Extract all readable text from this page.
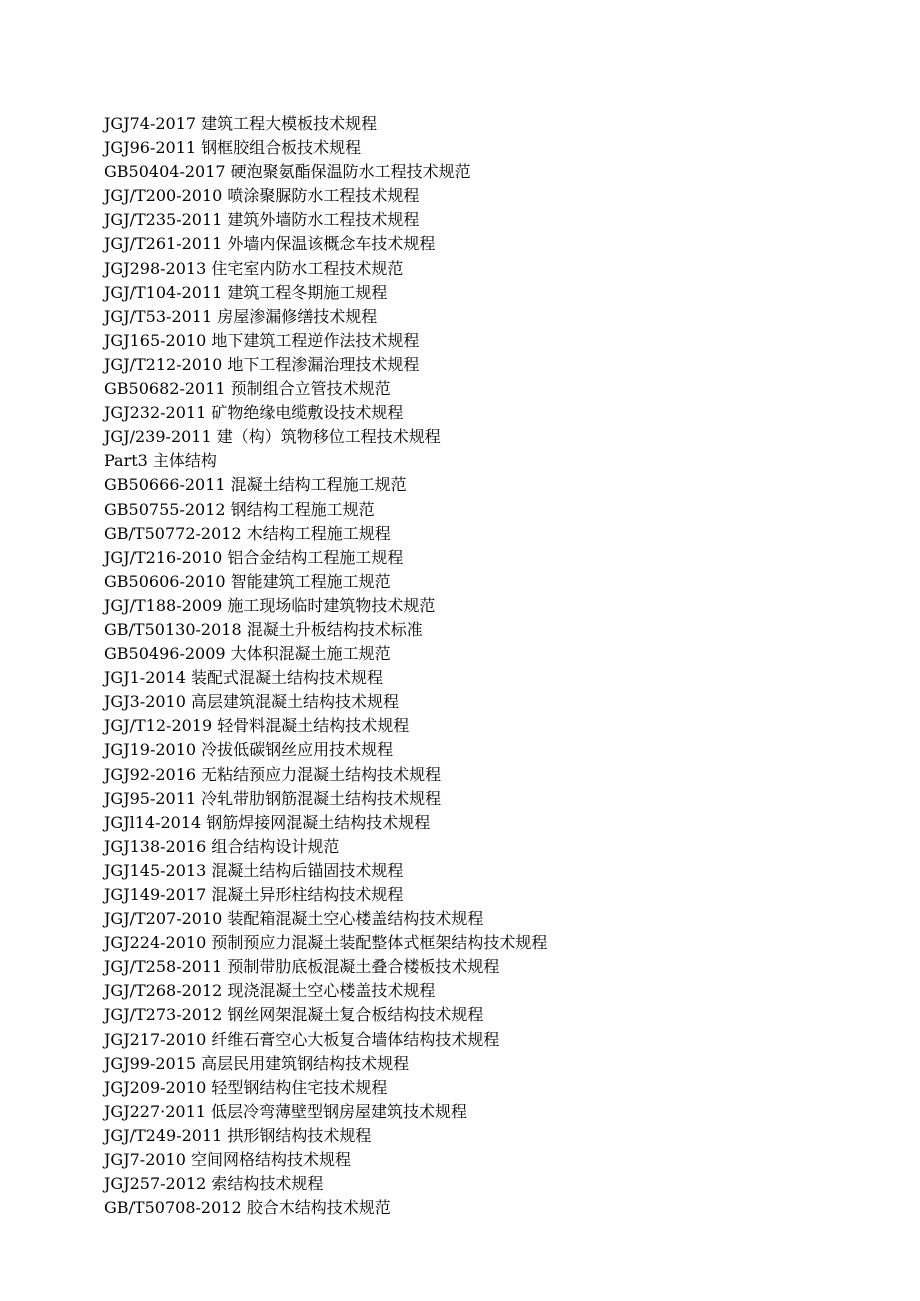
JGJ74-2017 建筑工程大模板技术规程
JGJ96-2011 钢框胶组合板技术规程
GB50404-2017 硬泡聚氨酯保温防水工程技术规范
JGJ/T200-2010 喷涂聚脲防水工程技术规程
JGJ/T235-2011 建筑外墙防水工程技术规程
JGJ/T261-2011 外墙内保温该概念车技术规程
JGJ298-2013 住宅室内防水工程技术规范
JGJ/T104-2011 建筑工程冬期施工规程
JGJ/T53-2011 房屋渗漏修缮技术规程
JGJ165-2010 地下建筑工程逆作法技术规程
JGJ/T212-2010 地下工程渗漏治理技术规程
GB50682-2011 预制组合立管技术规范
JGJ232-2011 矿物绝缘电缆敷设技术规程
JGJ/239-2011 建（构）筑物移位工程技术规程
Part3 主体结构
GB50666-2011 混凝土结构工程施工规范
GB50755-2012 钢结构工程施工规范
GB/T50772-2012 木结构工程施工规程
JGJ/T216-2010 铝合金结构工程施工规程
GB50606-2010 智能建筑工程施工规范
JGJ/T188-2009 施工现场临时建筑物技术规范
GB/T50130-2018 混凝土升板结构技术标准
GB50496-2009 大体积混凝土施工规范
JGJ1-2014 装配式混凝土结构技术规程
JGJ3-2010 高层建筑混凝土结构技术规程
JGJ/T12-2019 轻骨料混凝土结构技术规程
JGJ19-2010 冷拔低碳钢丝应用技术规程
JGJ92-2016 无粘结预应力混凝土结构技术规程
JGJ95-2011 冷轧带肋钢筋混凝土结构技术规程
JGJl14-2014 钢筋焊接网混凝土结构技术规程
JGJ138-2016 组合结构设计规范
JGJ145-2013 混凝土结构后锚固技术规程
JGJ149-2017 混凝土异形柱结构技术规程
JGJ/T207-2010 装配箱混凝土空心楼盖结构技术规程
JGJ224-2010 预制预应力混凝土装配整体式框架结构技术规程
JGJ/T258-2011 预制带肋底板混凝土叠合楼板技术规程
JGJ/T268-2012 现浇混凝土空心楼盖技术规程
JGJ/T273-2012 钢丝网架混凝土复合板结构技术规程
JGJ217-2010 纤维石膏空心大板复合墙体结构技术规程
JGJ99-2015 高层民用建筑钢结构技术规程
JGJ209-2010 轻型钢结构住宅技术规程
JGJ227·2011 低层冷弯薄壁型钢房屋建筑技术规程
JGJ/T249-2011 拱形钢结构技术规程
JGJ7-2010 空间网格结构技术规程
JGJ257-2012 索结构技术规程
GB/T50708-2012 胶合木结构技术规范
